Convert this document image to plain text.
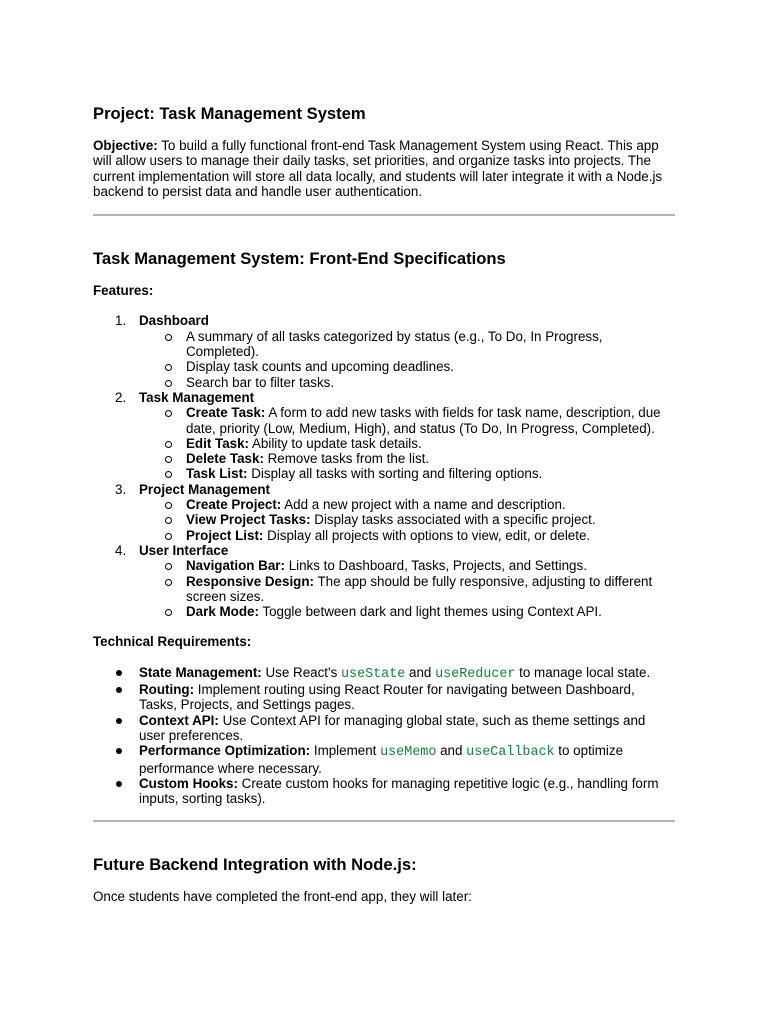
Project: Task Management System

Objective: To build a fully functional front-end Task Management System using React. This app will allow users to manage their daily tasks, set priorities, and organize tasks into projects. The current implementation will store all data locally, and students will later integrate it with a Node.js backend to persist data and handle user authentication.

Task Management System: Front-End Specifications

Features:

1. Dashboard
A summary of all tasks categorized by status (e.g., To Do, In Progress, Completed).
Display task counts and upcoming deadlines.
Search bar to filter tasks.
2. Task Management
Create Task: A form to add new tasks with fields for task name, description, due date, priority (Low, Medium, High), and status (To Do, In Progress, Completed).
Edit Task: Ability to update task details.
Delete Task: Remove tasks from the list.
Task List: Display all tasks with sorting and filtering options.
3. Project Management
Create Project: Add a new project with a name and description.
View Project Tasks: Display tasks associated with a specific project.
Project List: Display all projects with options to view, edit, or delete.
4. User Interface
Navigation Bar: Links to Dashboard, Tasks, Projects, and Settings.
Responsive Design: The app should be fully responsive, adjusting to different screen sizes.
Dark Mode: Toggle between dark and light themes using Context API.

Technical Requirements:

State Management: Use React's useState and useReducer to manage local state.
Routing: Implement routing using React Router for navigating between Dashboard, Tasks, Projects, and Settings pages.
Context API: Use Context API for managing global state, such as theme settings and user preferences.
Performance Optimization: Implement useMemo and useCallback to optimize performance where necessary.
Custom Hooks: Create custom hooks for managing repetitive logic (e.g., handling form inputs, sorting tasks).
Future Backend Integration with Node.js:

Once students have completed the front-end app, they will later:
